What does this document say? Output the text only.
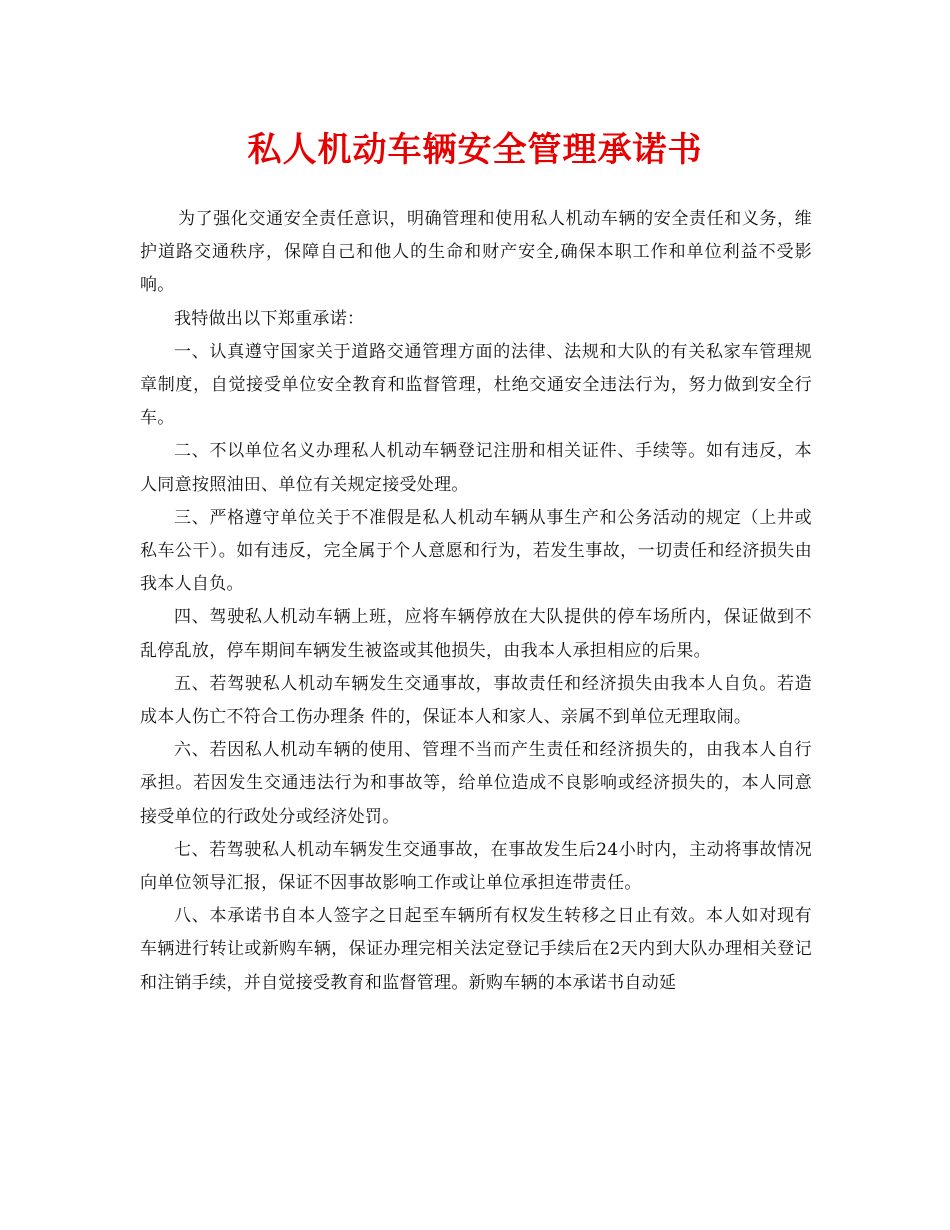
私人机动车辆安全管理承诺书

为了强化交通安全责任意识，明确管理和使用私人机动车辆的安全责任和义务，维护道路交通秩序，保障自己和他人的生命和财产安全,确保本职工作和单位利益不受影响。

我特做出以下郑重承诺：

一、认真遵守国家关于道路交通管理方面的法律、法规和大队的有关私家车管理规章制度，自觉接受单位安全教育和监督管理，杜绝交通安全违法行为，努力做到安全行车。

二、不以单位名义办理私人机动车辆登记注册和相关证件、手续等。如有违反，本人同意按照油田、单位有关规定接受处理。

三、严格遵守单位关于不准假是私人机动车辆从事生产和公务活动的规定（上井或私车公干）。如有违反，完全属于个人意愿和行为，若发生事故，一切责任和经济损失由我本人自负。

四、驾驶私人机动车辆上班，应将车辆停放在大队提供的停车场所内，保证做到不乱停乱放，停车期间车辆发生被盗或其他损失，由我本人承担相应的后果。

五、若驾驶私人机动车辆发生交通事故，事故责任和经济损失由我本人自负。若造成本人伤亡不符合工伤办理条 件的，保证本人和家人、亲属不到单位无理取闹。

六、若因私人机动车辆的使用、管理不当而产生责任和经济损失的，由我本人自行承担。若因发生交通违法行为和事故等，给单位造成不良影响或经济损失的，本人同意接受单位的行政处分或经济处罚。

七、若驾驶私人机动车辆发生交通事故，在事故发生后24小时内，主动将事故情况向单位领导汇报，保证不因事故影响工作或让单位承担连带责任。

八、本承诺书自本人签字之日起至车辆所有权发生转移之日止有效。本人如对现有车辆进行转让或新购车辆，保证办理完相关法定登记手续后在2天内到大队办理相关登记和注销手续，并自觉接受教育和监督管理。新购车辆的本承诺书自动延
